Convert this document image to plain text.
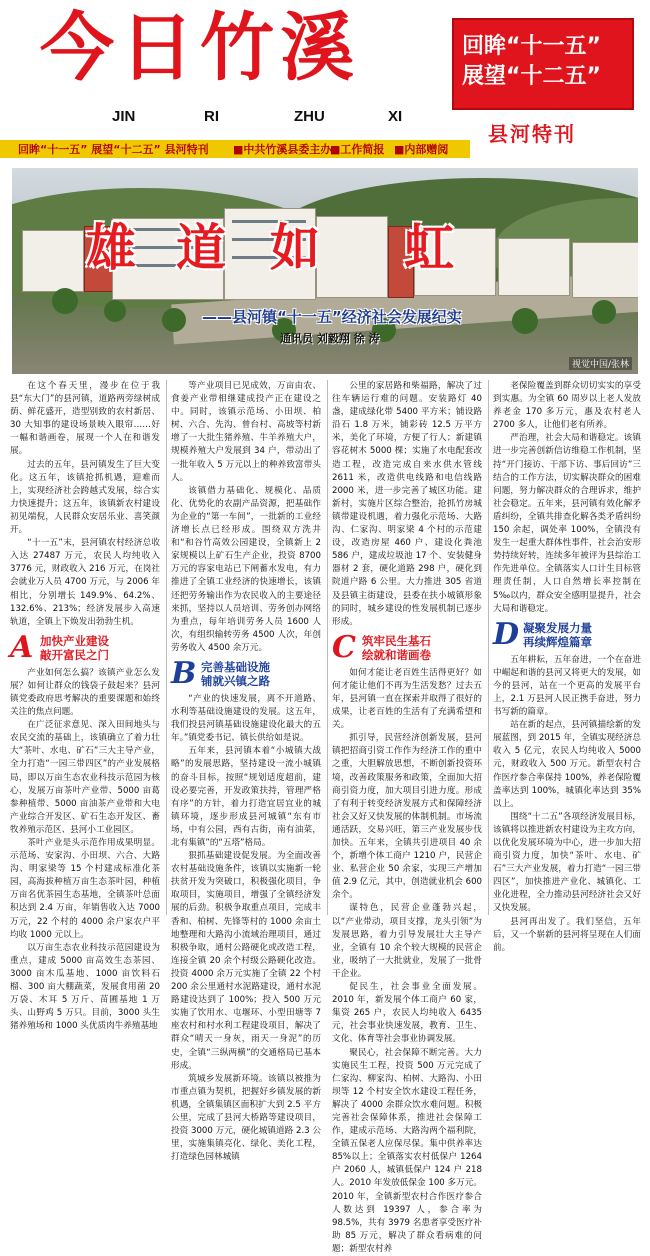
今日竹溪
JIN	RI	ZHU	XI
回眸“十一五”
展望“十二五”
县河特刊
回眸“十一五” 展望“十二五” 县河特刊 ■中共竹溪县委主办
■工作简报 ■内部赠阅
视觉中国/张林
雄 道 如 虹
——县河镇“十一五”经济社会发展纪实
通讯员 刘毅翔 徐 涛

在这个春天里，漫步在位于我县“东大门”的县河镇，道路两旁绿树成荫、鲜花盛开，造型别致的农村新居、30 大知事的建设场景映入眼帘……好一幅和谐画卷，展现一个人在和谐发展。

过去的五年，县河镇发生了巨大变化。这五年，该镇抢抓机遇，迎难而上，实现经济社会跨越式发展，综合实力快速提升；这五年，该镇新农村建设初见端倪，人民群众安居乐业、喜笑颜开。

“十一五”末，县河镇农村经济总收入达 27487 万元，农民人均纯收入 3776 元，财政收入 216 万元，在岗社会就业万人员 4700 万元，与 2006 年相比，分别增长 149.9%、64.2%、132.6%、213%；经济发展步入高速轨道，全镇上下焕发出勃勃生机。

A 加快产业建设
敲开富民之门

产业如何怎么搞？该镇产业怎么发展？如何让群众的钱袋子鼓起来？县河镇党委政府思考解决的重要课题和始终关注的焦点问题。

在广泛征求意见、深入田间地头与农民交流的基础上，该镇确立了着力壮大“茶叶、水电、矿石”三大主导产业，全力打造“一园三带四区”的产业发展格局，即以万亩生态农业科技示范园为核心，发展万亩茶叶产业带、5000 亩葛参种植带、5000 亩油茶产业带和大电产业综合开发区、矿石生态开发区、畜牧养殖示范区、县河小工业园区。

茶叶产业是头示范作用成果明显。示范场、安家沟、小田坝、六合、大路沟、明家梁等 15 个村建成标准化茶园，高海拔种植万亩生态茶叶园，种植万亩名优茶园生态基地，全镇茶叶总面积达到 2.4 万亩，年销售收入达 7000 万元，22 个村的 4000 余户家农户平均收 1000 元以上。

以万亩生态农业科技示范园建设为重点，建成 5000 亩高效生态茶园、3000 亩木瓜基地、1000 亩饮料石榴、300 亩大棚蔬菜，发展食用菌 20 万袋、木耳 5 万斤、苗圃基地 1 万头、山野鸡 5 万只。目前，3000 头生猪养殖场和 1000 头优质肉牛养殖基地

等产业项目已见成效，万亩由农、食姜产业带相继建成投产正在建设之中。同时，该镇示范场、小田坝、柏树、六合、先沟、曾台村、高坡等村新增了一大批生猪养殖、牛羊养殖大户，规模养殖大户发展到 34 户，带动出了一批年收入 5 万元以上的种养致富带头人。

该镇借力基础化、规模化、品质化、优势化的农副产品资源，把基础作为企业的“第一车间”，一批新的工业经济增长点已经形成。围绕双方洗井和“和谷竹高效公园建设，全镇新上 2 家规模以上矿石生产企业，投资 8700 万元的容家电站已下闸蓄水发电，有力推进了全镇工业经济的快速增长，该镇还把劳务输出作为农民收入的主要途径来抓，坚持以人员培训、劳务创办网络为重点，每年培训劳务人员 1600 人次，有组织输转劳务 4500 人次，年创劳务收入 4500 余万元。

B 完善基础设施
铺就兴镇之路

“产业的快速发展，离不开道路、水利等基础设施建设的发展。这五年，我们投县河镇基础设施建设化最大的五年。”镇党委书记、镇长供给如是说。

五年来，县河镇本着“小城镇大战略”的发展思路，坚持建设一流小城镇的奋斗目标，按照“规划适度超前，建设必要完善，开发政策扶持，管理严格有序”的方针，着力打造宜居宜业的城镇环境，逐步形成县河城镇“东有市场，中有公园，西有古街，南有油菜，北有集镇”的“五塔”格局。

狠抓基础建设促发展。为全面改善农村基础设施条件，该镇以实施新一轮扶贫开发为突破口，积极强化项目，争取项目，实施项目，增强了全镇经济发展的后劲。积极争取重点项目，完成丰香和、柏树、先锋等村的 1000 余亩土地整理和大路沟小流域治理项目，通过积极争取，通村公路硬化或改造工程，连接全镇 20 余个村级公路硬化改造。投资 4000 余万元实施了全镇 22 个村 200 余公里通村水泥路建设，通村水泥路建设达到了 100%；投入 500 万元实施了饮用水、屯堰环、小型田塘等 7 座农村和村水利工程建设项目，解决了群众“晴天一身灰，雨天一身泥”的历史，全镇“三纵两横”的交通格局已基本形成。

筑城乡发展新环境。该镇以被推为市重点镇为契机，把握好乡镇发展的新机遇，全镇集镇区面积扩大到 2.5 平方公里，完成了县河大桥路等建设项目，投资 3000 万元，硬化城镇道路 2.3 公里，实施集镇亮化、绿化、美化工程，打造绿色园林城镇

公里的家居路和柴福路，解决了过往车辆运行难的问题。安装路灯 40 盏，建成绿化带 5400 平方米；铺设路沿石 1.8 万米，铺彩砖 12.5 万平方米，美化了环境，方便了行人；新建镇容花树木 5000 棵；实施了水电配套改造工程，改造完成自来水供水管线 2611 米，改造供电线路和电信线路 2000 米，进一步完善了城区功能。建新村，实施片区综合整治，抢抓竹房城镇带建设机遇，着力强化示范场、大路沟、仁家沟、明家梁 4 个村的示范建设，改造房屋 460 户、建设化粪池 586 户，建成垃圾池 17 个、安装健身器材 2 套，硬化道路 298 户，硬化到院道户路 6 公里。大力推进 305 省道及县镇主街建设，县委在扶小城镇形象的同时，城乡建设的性发展机制已逐步形成。

C 筑牢民生基石
绘就和谐画卷

如何才能让老百姓生活得更好？如何才能让他们不再为生活发愁？过去五年，县河镇一直在探索并取得了很好的成果，让老百姓的生活有了充满希望和关。

抓引导，民营经济创新发展，县河镇把招商引资工作作为经济工作的重中之重，大胆解放思想，不断创新投资环境，改善政策服务和政策，全面加大招商引资力度，加大项目引进力度。形成了有利于转变经济发展方式和保障经济社会又好又快发展的体制机制。市场流通活跃，交易兴旺，第三产业发展步伐加快。五年来，全镇共引进项目 40 余个，新增个体工商户 1210 户，民营企业、私营企业 50 余家，实现三产增加值 2.9 亿元，其中，创造就业机会 600 余个。

谋特色，民营企业蓬勃兴起，以“产业带动，项目支撑，龙头引领”为发展思路，着力引导发展壮大主导产业，全镇有 10 余个较大规模的民营企业，吸纳了一大批就业，发展了一批骨干企业。

促民生，社会事业全面发展。2010 年，新发展个体工商户 60 家，集资 265 户，农民人均纯收入 6435 元，社会事业快速发展，教育、卫生、文化、体育等社会事业协调发展。

聚民心，社会保障不断完善。大力实施民生工程，投资 500 万元完成了仁家沟、柳家沟、柏树、大路沟、小田坝等 12 个村安全饮水建设工程任务，解决了 4000 余群众饮水难问题。积极完善社会保障体系，推进社会保障工作，建成示范场、大路沟两个福利院，全镇五保老人应保尽保。集中供养率达 85%以上；全镇落实农村低保户 1264 户 2060 人，城镇低保户 124 户 218 人。2010 年发放低保金 100 多万元。2010 年，全镇新型农村合作医疗参合人数达到 19397 人，参合率为 98.5%，共有 3979 名患者享受医疗补助 85 万元，解决了群众看病难的问题；新型农村养

老保险覆盖到群众切切实实的享受到实惠。为全镇 60 周岁以上老人发放养老金 170 多万元，惠及农村老人 2700 多人，让他们老有所养。

严治理，社会大局和谐稳定。该镇进一步完善创新信访维稳工作机制，坚持“开门接访、干部下访、事后回访”三结合的工作方法，切实解决群众的困难问题，努力解决群众的合理诉求，维护社会稳定。五年来，县河镇有效化解矛盾纠纷，全镇共排查化解各类矛盾纠纷 150 余起，调处率 100%，全镇没有发生一起重大群体性事件，社会治安形势持续好转，连续多年被评为县综治工作先进单位。全镇落实人口计生目标管理责任制，人口自然增长率控制在 5‰以内，群众安全感明显提升，社会大局和谐稳定。

D 凝聚发展力量
再续辉煌篇章

五年耕耘，五年奋进，一个在奋进中崛起和谐的县河又将更大的发展，如今的县河，站在一个更高的发展平台上，2.1 万县河人民正携手奋进，努力书写新的篇章。

站在新的起点，县河镇描绘新的发展蓝图，到 2015 年，全镇实现经济总收入 5 亿元，农民人均纯收入 5000 元，财政收入 500 万元。新型农村合作医疗参合率保持 100%，养老保险覆盖率达到 100%，城镇化率达到 35%以上。

围绕“十二五”各项经济发展目标，该镇将以推进新农村建设为主攻方向，以优化发展环境为中心，进一步加大招商引资力度，加快“茶叶、水电、矿石”三大产业发展，着力打造“一园三带四区”，加快推进产业化、城镇化、工业化进程，全力推动县河经济社会又好又快发展。

县河再出发了。我们坚信，五年后，又一个崭新的县河将呈现在人们面前。
